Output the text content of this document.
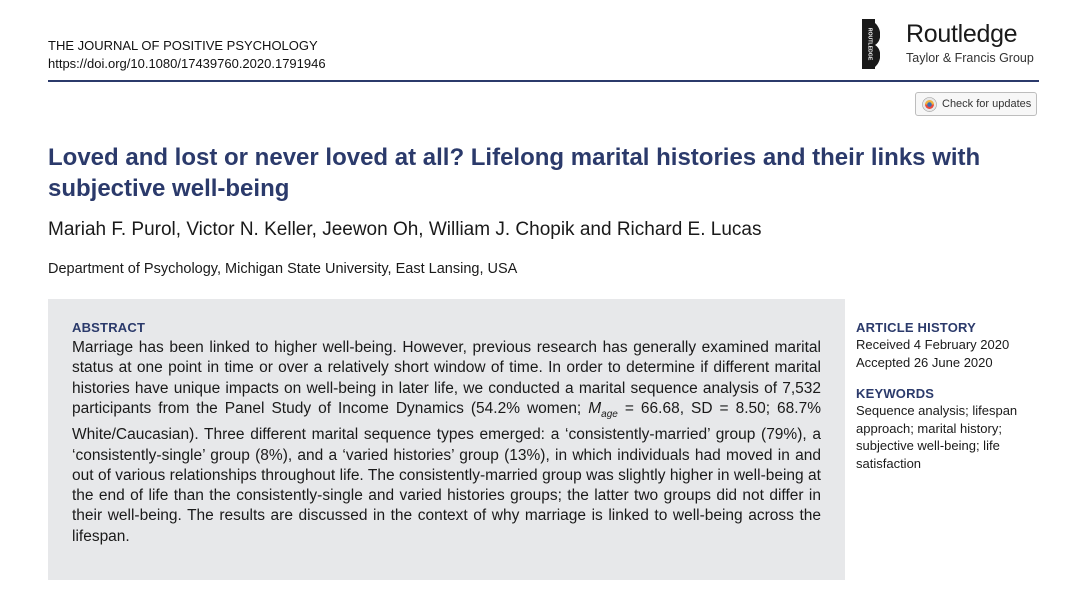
THE JOURNAL OF POSITIVE PSYCHOLOGY
https://doi.org/10.1080/17439760.2020.1791946
ROUTLEDGE Routledge
Taylor & Francis Group
Check for updates
Loved and lost or never loved at all? Lifelong marital histories and their links with subjective well-being
Mariah F. Purol, Victor N. Keller, Jeewon Oh, William J. Chopik and Richard E. Lucas
Department of Psychology, Michigan State University, East Lansing, USA
ABSTRACT

Marriage has been linked to higher well-being. However, previous research has generally examined marital status at one point in time or over a relatively short window of time. In order to determine if different marital histories have unique impacts on well-being in later life, we conducted a marital sequence analysis of 7,532 participants from the Panel Study of Income Dynamics (54.2% women; $M_{age} = 66.68$, SD = 8.50; 68.7% White/Caucasian). Three different marital sequence types emerged: a ‘consistently-married’ group (79%), a ‘consistently-single’ group (8%), and a ‘varied histories’ group (13%), in which individuals had moved in and out of various relationships throughout life. The consistently-married group was slightly higher in well-being at the end of life than the consistently-single and varied histories groups; the latter two groups did not differ in their well-being. The results are discussed in the context of why marriage is linked to well-being across the lifespan.

ARTICLE HISTORY
Received 4 February 2020
Accepted 26 June 2020
KEYWORDS
Sequence analysis; lifespan approach; marital history; subjective well-being; life satisfaction
